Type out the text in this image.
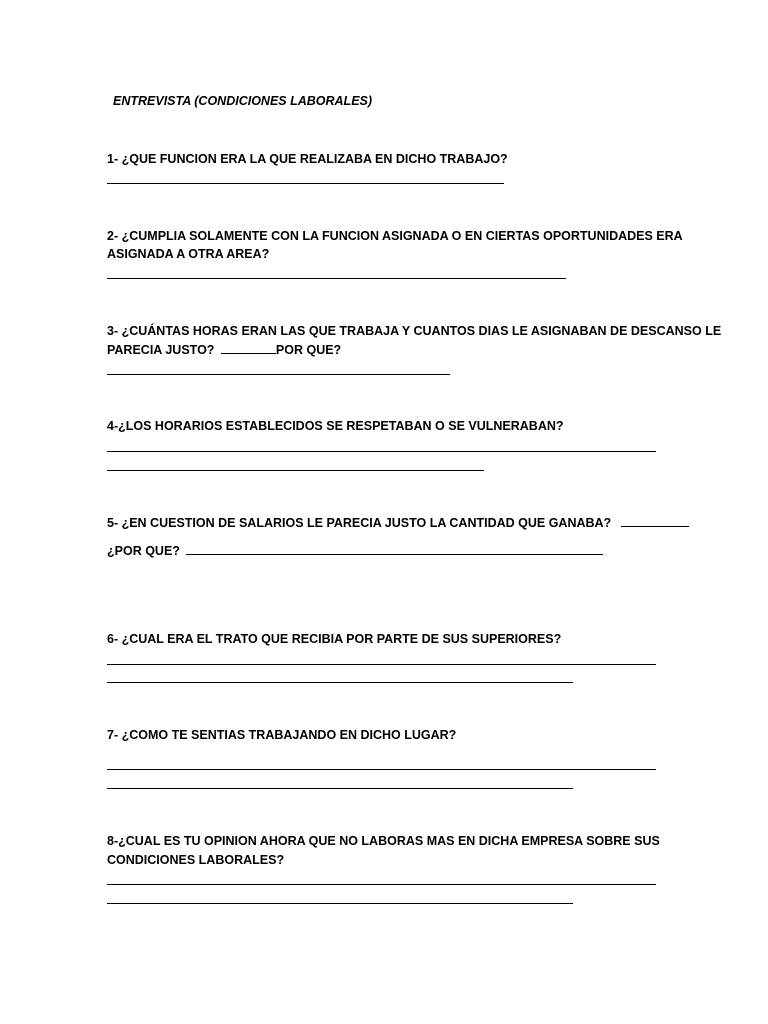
ENTREVISTA (CONDICIONES LABORALES)
1- ¿QUE FUNCION ERA LA QUE REALIZABA EN DICHO TRABAJO?
2- ¿CUMPLIA SOLAMENTE CON LA FUNCION ASIGNADA O EN CIERTAS OPORTUNIDADES ERA
ASIGNADA A OTRA AREA?
3- ¿CUÁNTAS HORAS ERAN LAS QUE TRABAJA Y CUANTOS DIAS LE ASIGNABAN DE DESCANSO LE
PARECIA JUSTO?	POR QUE?
4-¿LOS HORARIOS ESTABLECIDOS SE RESPETABAN O SE VULNERABAN?
5- ¿EN CUESTION DE SALARIOS LE PARECIA JUSTO LA CANTIDAD QUE GANABA?
¿POR QUE?
6- ¿CUAL ERA EL TRATO QUE RECIBIA POR PARTE DE SUS SUPERIORES?
7- ¿COMO TE SENTIAS TRABAJANDO EN DICHO LUGAR?
8-¿CUAL ES TU OPINION AHORA QUE NO LABORAS MAS EN DICHA EMPRESA SOBRE SUS
CONDICIONES LABORALES?
